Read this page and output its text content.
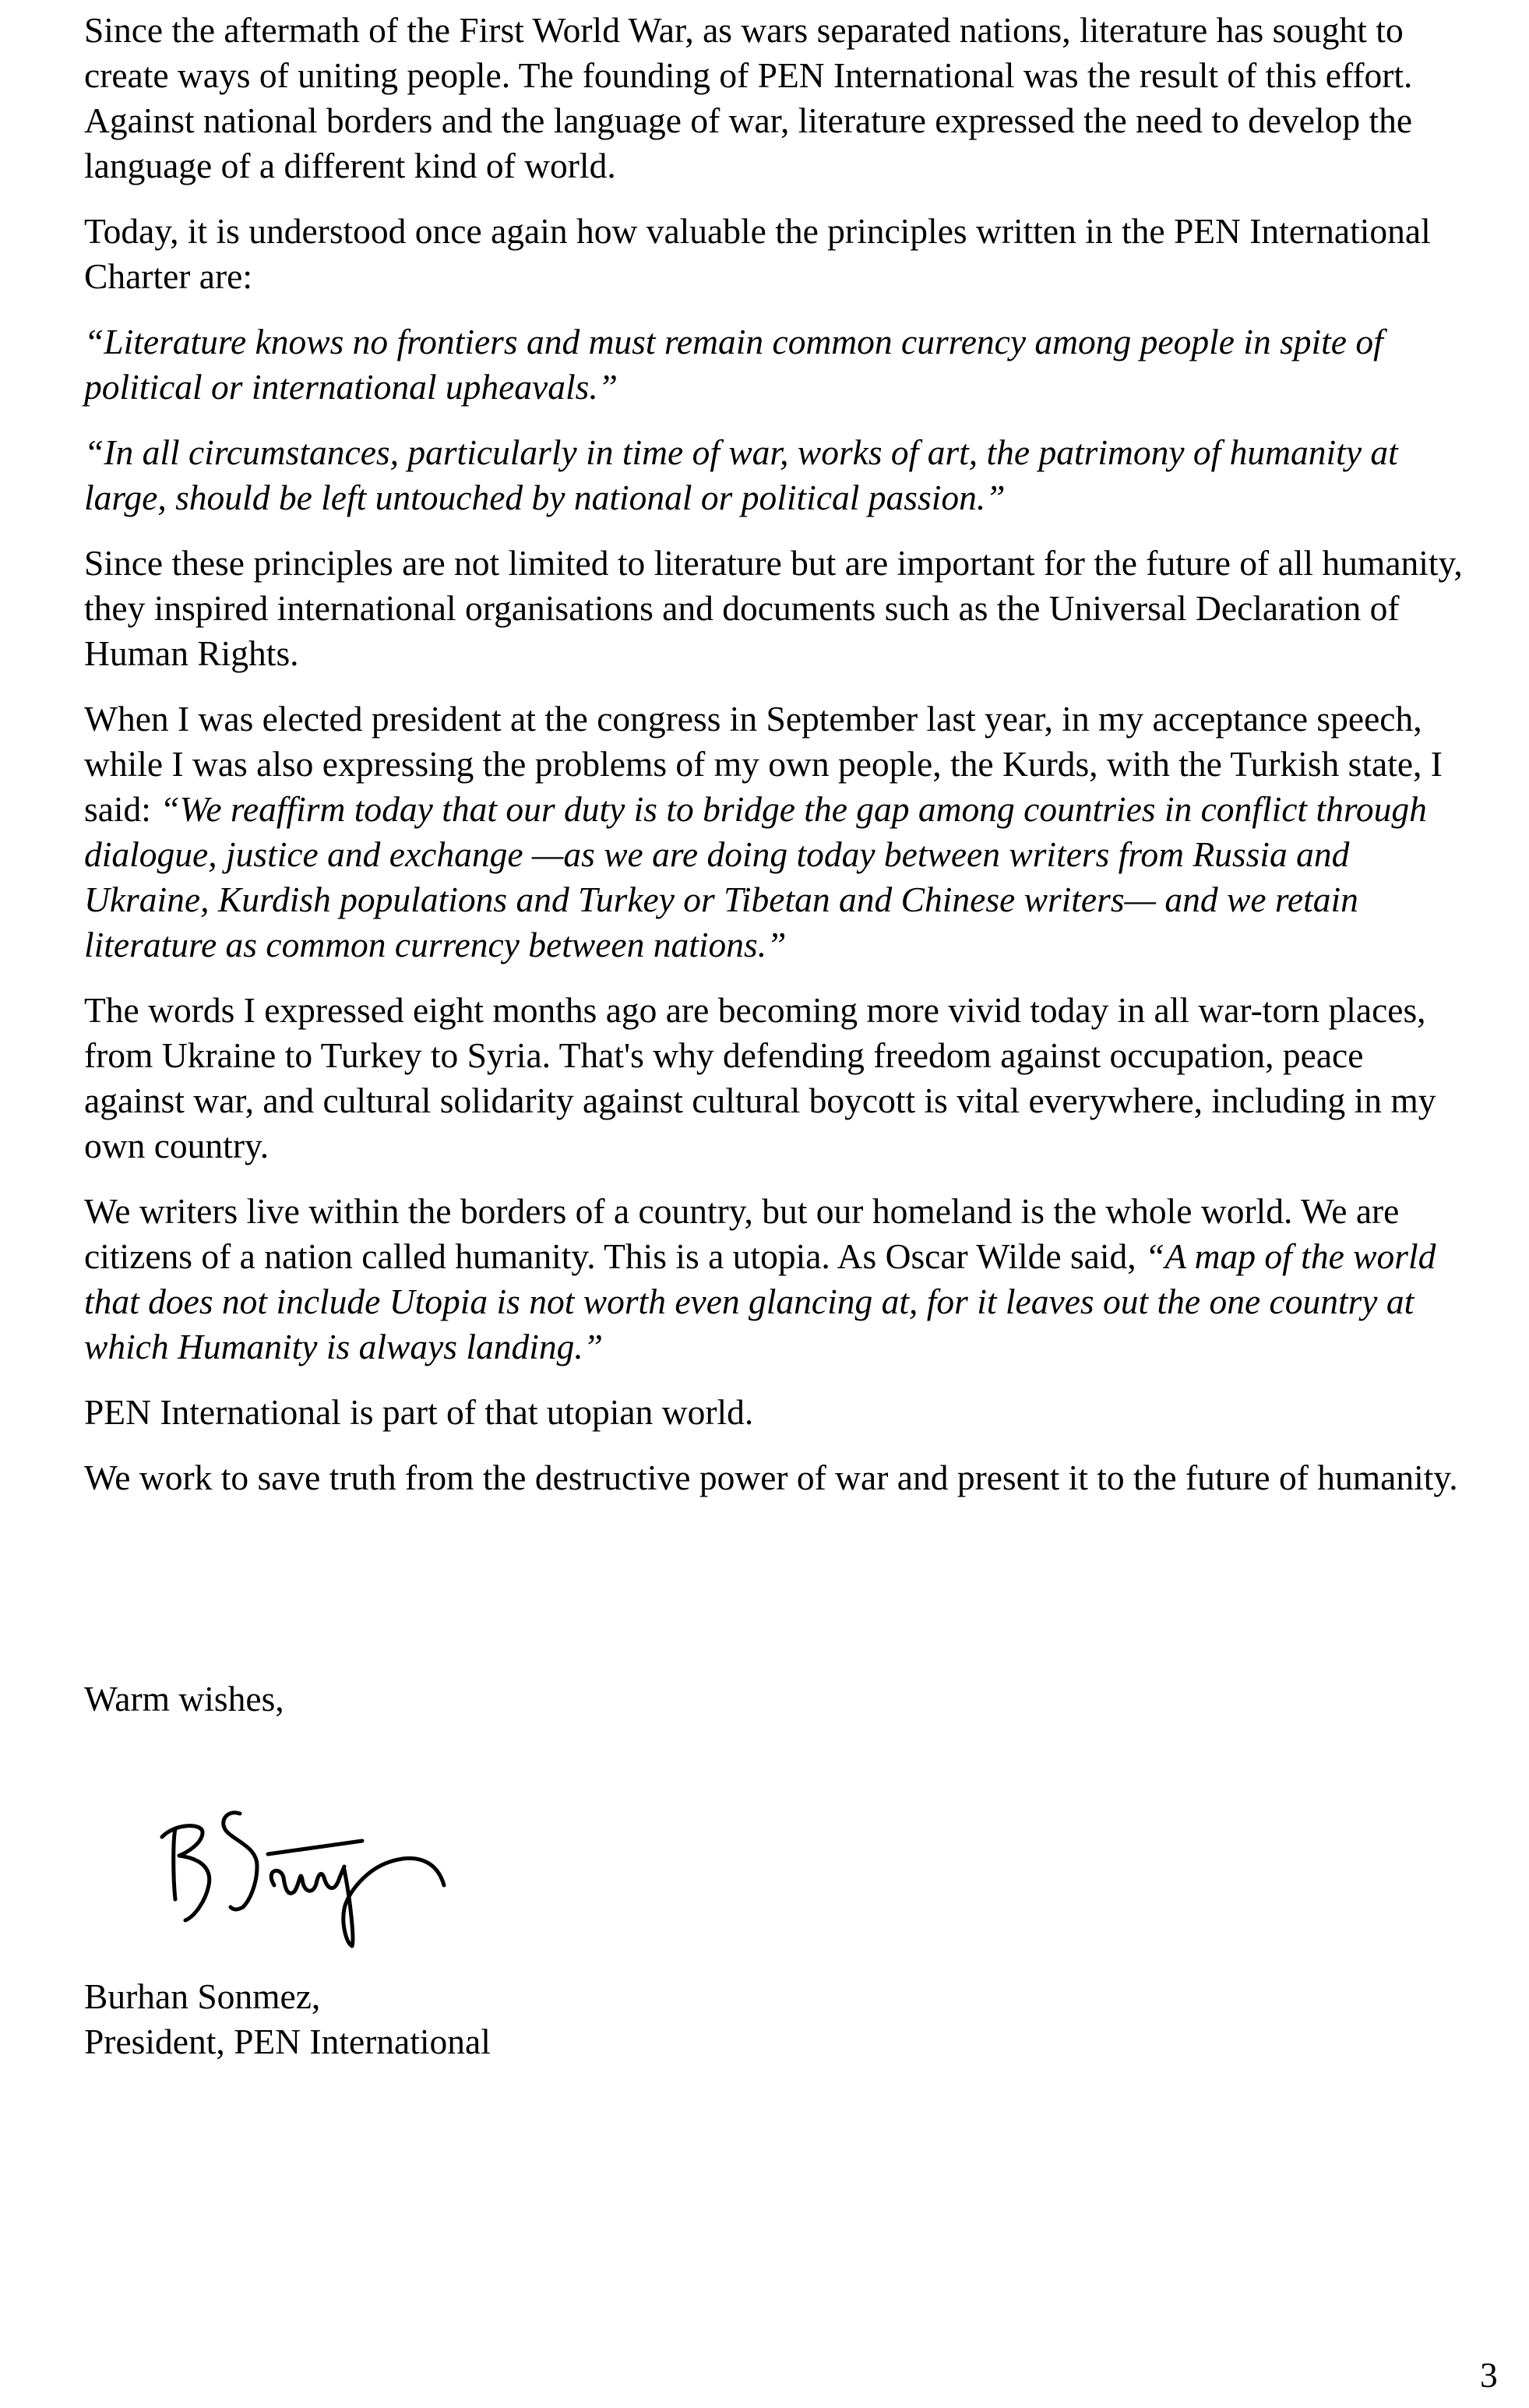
Since the aftermath of the First World War, as wars separated nations, literature has sought to create ways of uniting people. The founding of PEN International was the result of this effort. Against national borders and the language of war, literature expressed the need to develop the language of a different kind of world.

Today, it is understood once again how valuable the principles written in the PEN International Charter are:

“Literature knows no frontiers and must remain common currency among people in spite of political or international upheavals.”

“In all circumstances, particularly in time of war, works of art, the patrimony of humanity at large, should be left untouched by national or political passion.”

Since these principles are not limited to literature but are important for the future of all humanity, they inspired international organisations and documents such as the Universal Declaration of Human Rights.

When I was elected president at the congress in September last year, in my acceptance speech, while I was also expressing the problems of my own people, the Kurds, with the Turkish state, I said: “We reaffirm today that our duty is to bridge the gap among countries in conflict through dialogue, justice and exchange —as we are doing today between writers from Russia and Ukraine, Kurdish populations and Turkey or Tibetan and Chinese writers— and we retain literature as common currency between nations.”

The words I expressed eight months ago are becoming more vivid today in all war-torn places, from Ukraine to Turkey to Syria. That's why defending freedom against occupation, peace against war, and cultural solidarity against cultural boycott is vital everywhere, including in my own country.

We writers live within the borders of a country, but our homeland is the whole world. We are citizens of a nation called humanity. This is a utopia. As Oscar Wilde said, “A map of the world that does not include Utopia is not worth even glancing at, for it leaves out the one country at which Humanity is always landing.”

PEN International is part of that utopian world.

We work to save truth from the destructive power of war and present it to the future of humanity.

Warm wishes,
Burhan Sonmez,
President, PEN International
3
